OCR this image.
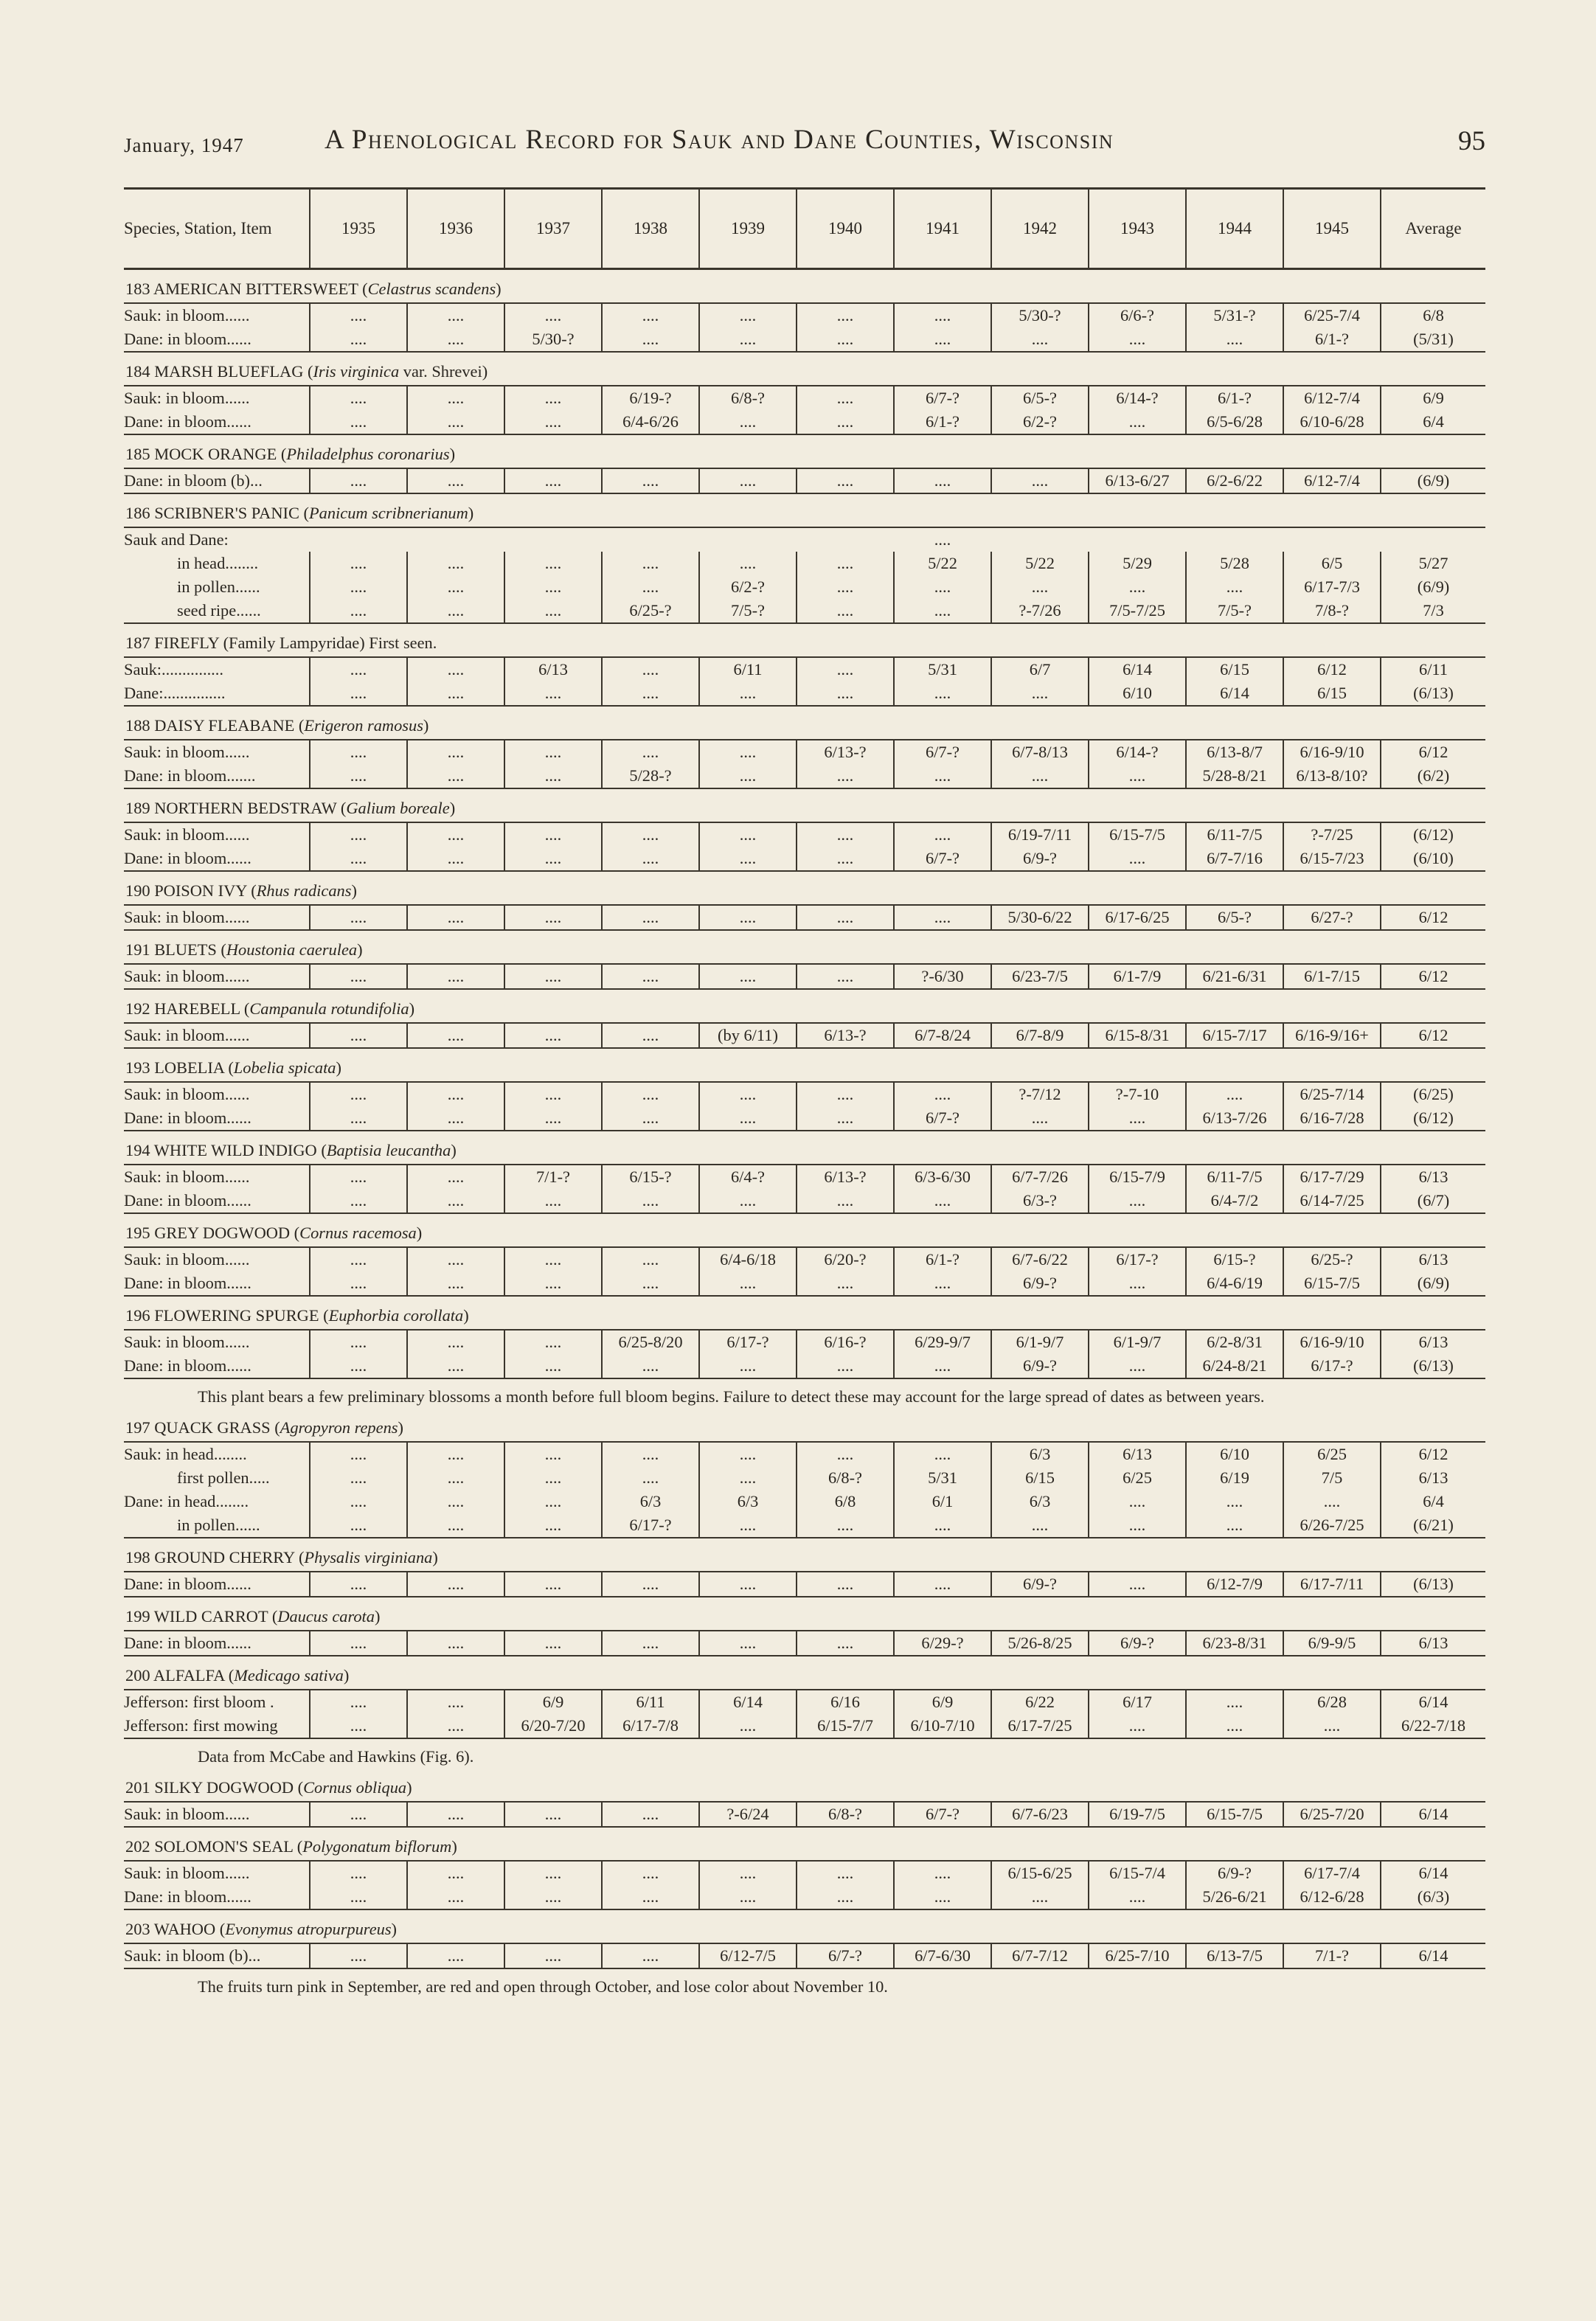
January, 1947	A Phenological Record for Sauk and Dane Counties, Wisconsin	95
Species, Station, Item	1935	1936	1937	1938	1939	1940	1941	1942	1943	1944	1945	Average
183 AMERICAN BITTERSWEET (Celastrus scandens)												
Sauk: in bloom......	....	....	....	....	....	....	....	5/30-?	6/6-?	5/31-?	6/25-7/4	6/8
Dane: in bloom......	....	....	5/30-?	....	....	....	....	....	....	....	6/1-?	(5/31)
184 MARSH BLUEFLAG (Iris virginica var. Shrevei)												
Sauk: in bloom......	....	....	....	6/19-?	6/8-?	....	6/7-?	6/5-?	6/14-?	6/1-?	6/12-7/4	6/9
Dane: in bloom......	....	....	....	6/4-6/26	....	....	6/1-?	6/2-?	....	6/5-6/28	6/10-6/28	6/4
185 MOCK ORANGE (Philadelphus coronarius)												
Dane: in bloom (b)...	....	....	....	....	....	....	....	....	6/13-6/27	6/2-6/22	6/12-7/4	(6/9)
186 SCRIBNER'S PANIC (Panicum scribnerianum)												
Sauk and Dane:							....					
in head........	....	....	....	....	....	....	5/22	5/22	5/29	5/28	6/5	5/27
in pollen......	....	....	....	....	6/2-?	....	....	....	....	....	6/17-7/3	(6/9)
seed ripe......	....	....	....	6/25-?	7/5-?	....	....	?-7/26	7/5-7/25	7/5-?	7/8-?	7/3
187 FIREFLY (Family Lampyridae) First seen.												
Sauk:...............	....	....	6/13	....	6/11	....	5/31	6/7	6/14	6/15	6/12	6/11
Dane:...............	....	....	....	....	....	....	....	....	6/10	6/14	6/15	(6/13)
188 DAISY FLEABANE (Erigeron ramosus)												
Sauk: in bloom......	....	....	....	....	....	6/13-?	6/7-?	6/7-8/13	6/14-?	6/13-8/7	6/16-9/10	6/12
Dane: in bloom.......	....	....	....	5/28-?	....	....	....	....	....	5/28-8/21	6/13-8/10?	(6/2)
189 NORTHERN BEDSTRAW (Galium boreale)												
Sauk: in bloom......	....	....	....	....	....	....	....	6/19-7/11	6/15-7/5	6/11-7/5	?-7/25	(6/12)
Dane: in bloom......	....	....	....	....	....	....	6/7-?	6/9-?	....	6/7-7/16	6/15-7/23	(6/10)
190 POISON IVY (Rhus radicans)												
Sauk: in bloom......	....	....	....	....	....	....	....	5/30-6/22	6/17-6/25	6/5-?	6/27-?	6/12
191 BLUETS (Houstonia caerulea)												
Sauk: in bloom......	....	....	....	....	....	....	?-6/30	6/23-7/5	6/1-7/9	6/21-6/31	6/1-7/15	6/12
192 HAREBELL (Campanula rotundifolia)												
Sauk: in bloom......	....	....	....	....	(by 6/11)	6/13-?	6/7-8/24	6/7-8/9	6/15-8/31	6/15-7/17	6/16-9/16+	6/12
193 LOBELIA (Lobelia spicata)												
Sauk: in bloom......	....	....	....	....	....	....	....	?-7/12	?-7-10	....	6/25-7/14	(6/25)
Dane: in bloom......	....	....	....	....	....	....	6/7-?	....	....	6/13-7/26	6/16-7/28	(6/12)
194 WHITE WILD INDIGO (Baptisia leucantha)												
Sauk: in bloom......	....	....	7/1-?	6/15-?	6/4-?	6/13-?	6/3-6/30	6/7-7/26	6/15-7/9	6/11-7/5	6/17-7/29	6/13
Dane: in bloom......	....	....	....	....	....	....	....	6/3-?	....	6/4-7/2	6/14-7/25	(6/7)
195 GREY DOGWOOD (Cornus racemosa)												
Sauk: in bloom......	....	....	....	....	6/4-6/18	6/20-?	6/1-?	6/7-6/22	6/17-?	6/15-?	6/25-?	6/13
Dane: in bloom......	....	....	....	....	....	....	....	6/9-?	....	6/4-6/19	6/15-7/5	(6/9)
196 FLOWERING SPURGE (Euphorbia corollata)												
Sauk: in bloom......	....	....	....	6/25-8/20	6/17-?	6/16-?	6/29-9/7	6/1-9/7	6/1-9/7	6/2-8/31	6/16-9/10	6/13
Dane: in bloom......	....	....	....	....	....	....	....	6/9-?	....	6/24-8/21	6/17-?	(6/13)
This plant bears a few preliminary blossoms a month before full bloom begins. Failure to detect these may account for the large spread of dates as between years.												
197 QUACK GRASS (Agropyron repens)												
Sauk: in head........	....	....	....	....	....	....	....	6/3	6/13	6/10	6/25	6/12
first pollen.....	....	....	....	....	....	6/8-?	5/31	6/15	6/25	6/19	7/5	6/13
Dane: in head........	....	....	....	6/3	6/3	6/8	6/1	6/3	....	....	....	6/4
in pollen......	....	....	....	6/17-?	....	....	....	....	....	....	6/26-7/25	(6/21)
198 GROUND CHERRY (Physalis virginiana)												
Dane: in bloom......	....	....	....	....	....	....	....	6/9-?	....	6/12-7/9	6/17-7/11	(6/13)
199 WILD CARROT (Daucus carota)												
Dane: in bloom......	....	....	....	....	....	....	6/29-?	5/26-8/25	6/9-?	6/23-8/31	6/9-9/5	6/13
200 ALFALFA (Medicago sativa)												
Jefferson: first bloom .	....	....	6/9	6/11	6/14	6/16	6/9	6/22	6/17	....	6/28	6/14
Jefferson: first mowing	....	....	6/20-7/20	6/17-7/8	....	6/15-7/7	6/10-7/10	6/17-7/25	....	....	....	6/22-7/18
Data from McCabe and Hawkins (Fig. 6).												
201 SILKY DOGWOOD (Cornus obliqua)												
Sauk: in bloom......	....	....	....	....	?-6/24	6/8-?	6/7-?	6/7-6/23	6/19-7/5	6/15-7/5	6/25-7/20	6/14
202 SOLOMON'S SEAL (Polygonatum biflorum)												
Sauk: in bloom......	....	....	....	....	....	....	....	6/15-6/25	6/15-7/4	6/9-?	6/17-7/4	6/14
Dane: in bloom......	....	....	....	....	....	....	....	....	....	5/26-6/21	6/12-6/28	(6/3)
203 WAHOO (Evonymus atropurpureus)												
Sauk: in bloom (b)...	....	....	....	....	6/12-7/5	6/7-?	6/7-6/30	6/7-7/12	6/25-7/10	6/13-7/5	7/1-?	6/14
The fruits turn pink in September, are red and open through October, and lose color about November 10.												
